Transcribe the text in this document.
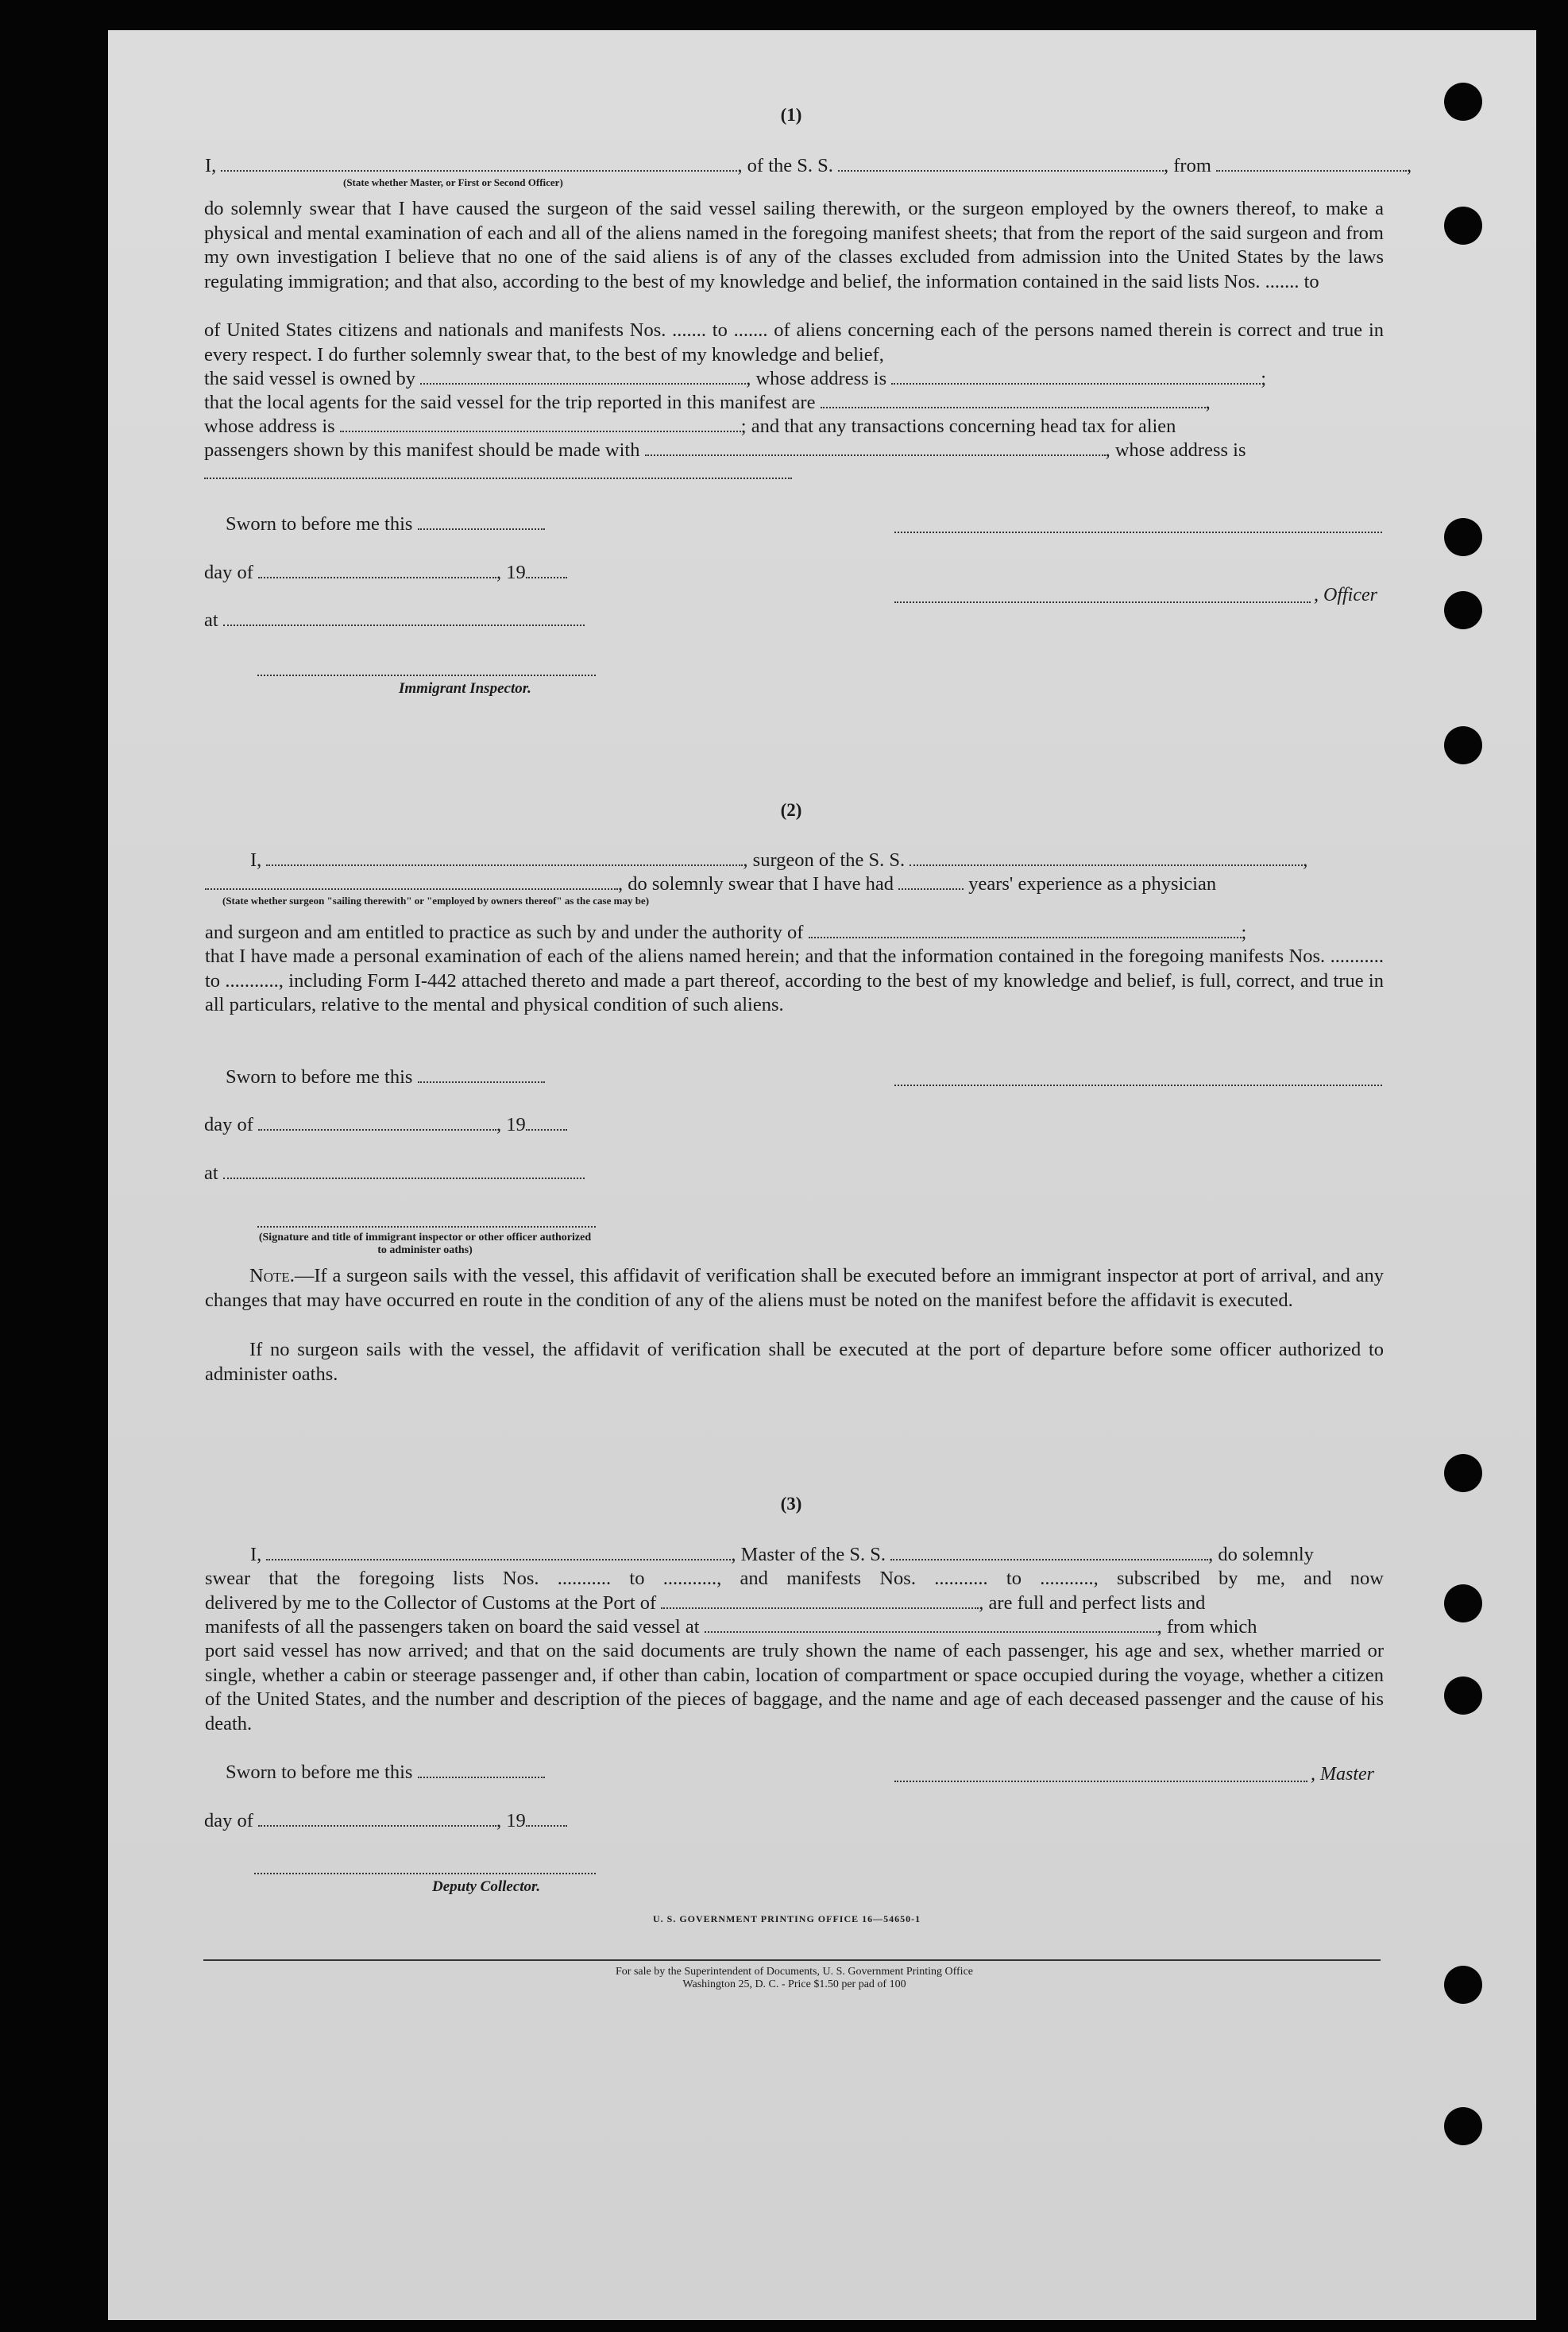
(1)
I,	, of the S. S.	, from	,
(State whether Master, or First or Second Officer)
do solemnly swear that I have caused the surgeon of the said vessel sailing therewith, or the surgeon employed by the owners thereof, to make a physical and mental examination of each and all of the aliens named in the foregoing manifest sheets; that from the report of the said surgeon and from my own investigation I believe that no one of the said aliens is of any of the classes excluded from admission into the United States by the laws regulating immigration; and that also, according to the best of my knowledge and belief, the information contained in the said lists Nos. ....... to
of United States citizens and nationals and manifests Nos. ....... to ....... of aliens concerning each of the persons named therein is correct and true in every respect. I do further solemnly swear that, to the best of my knowledge and belief,
the said vessel is owned by	, whose address is	;
that the local agents for the said vessel for the trip reported in this manifest are	,
whose address is	; and that any transactions concerning head tax for alien
passengers shown by this manifest should be made with	, whose address is
Sworn to before me this
day of	, 19
, Officer
at
Immigrant Inspector.
(2)
I,	, surgeon of the S. S.	,
, do solemnly swear that I have had	years' experience as a physician
(State whether surgeon "sailing therewith" or "employed by owners thereof" as the case may be)
and surgeon and am entitled to practice as such by and under the authority of	;
that I have made a personal examination of each of the aliens named herein; and that the information contained in the foregoing manifests Nos. ........... to ..........., including Form I-442 attached thereto and made a part thereof, according to the best of my knowledge and belief, is full, correct, and true in all particulars, relative to the mental and physical condition of such aliens.
Sworn to before me this
day of	, 19
at
(Signature and title of immigrant inspector or other officer authorized to administer oaths)
Note.—If a surgeon sails with the vessel, this affidavit of verification shall be executed before an immigrant inspector at port of arrival, and any changes that may have occurred en route in the condition of any of the aliens must be noted on the manifest before the affidavit is executed.
If no surgeon sails with the vessel, the affidavit of verification shall be executed at the port of departure before some officer authorized to administer oaths.
(3)
I,	, Master of the S. S.	, do solemnly
swear that the foregoing lists Nos. ........... to ..........., and manifests Nos. ........... to ..........., subscribed by me, and now
delivered by me to the Collector of Customs at the Port of	, are full and perfect lists and
manifests of all the passengers taken on board the said vessel at	, from which
port said vessel has now arrived; and that on the said documents are truly shown the name of each passenger, his age and sex, whether married or single, whether a cabin or steerage passenger and, if other than cabin, location of compartment or space occupied during the voyage, whether a citizen of the United States, and the number and description of the pieces of baggage, and the name and age of each deceased passenger and the cause of his death.
Sworn to before me this	, Master
day of	, 19
Deputy Collector.
U. S. GOVERNMENT PRINTING OFFICE 16—54650-1
For sale by the Superintendent of Documents, U. S. Government Printing Office
Washington 25, D. C. - Price $1.50 per pad of 100
